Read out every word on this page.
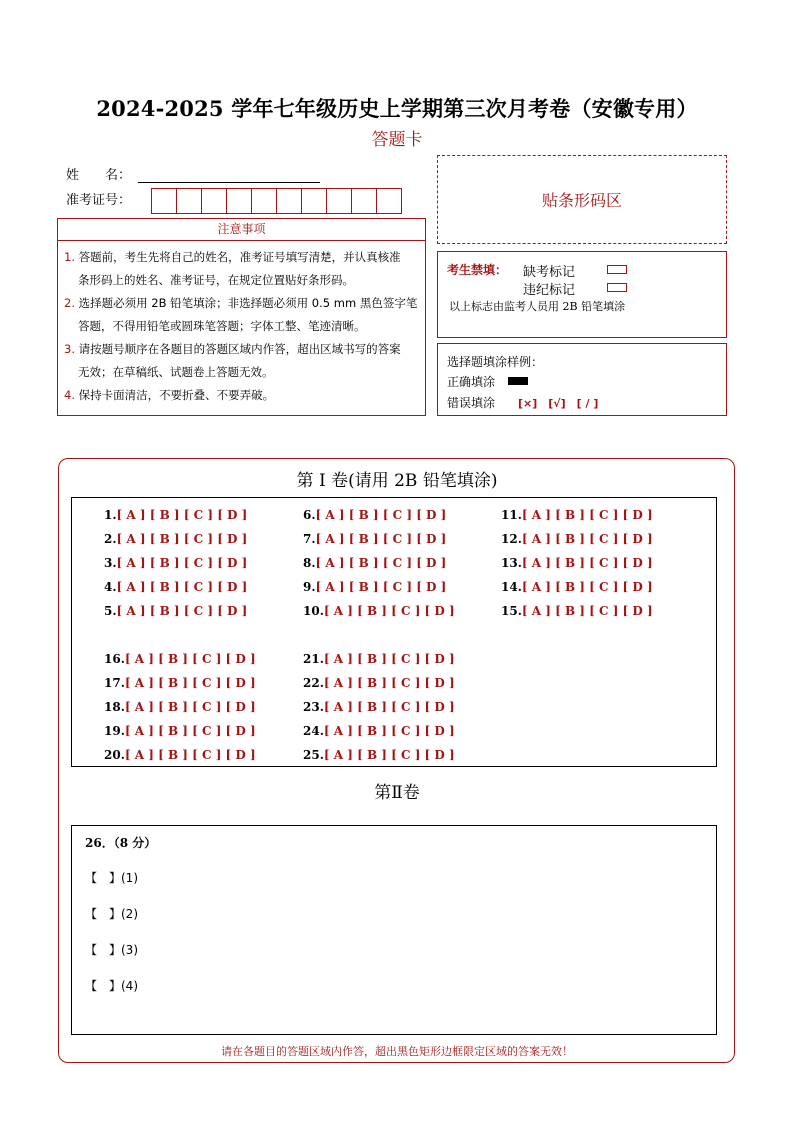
2024-2025 学年七年级历史上学期第三次月考卷（安徽专用）
答题卡
姓　　名：
准考证号：	贴条形码区
注意事项
1. 答题前，考生先将自己的姓名，准考证号填写清楚，并认真核准
条形码上的姓名、准考证号，在规定位置贴好条形码。
2. 选择题必须用 2B 铅笔填涂；非选择题必须用 0.5 mm 黑色签字笔
答题，不得用铅笔或圆珠笔答题；字体工整、笔迹清晰。
3. 请按题号顺序在各题目的答题区域内作答，超出区域书写的答案
无效；在草稿纸、试题卷上答题无效。
4. 保持卡面清洁，不要折叠、不要弄破。
考生禁填： 缺考标记
违纪标记
以上标志由监考人员用 2B 铅笔填涂
选择题填涂样例：
正确填涂
错误填涂 [×]　[√]　[ / ]
第 I 卷(请用 2B 铅笔填涂)
1.[ A ] [ B ] [ C ] [ D ]
2.[ A ] [ B ] [ C ] [ D ]
3.[ A ] [ B ] [ C ] [ D ]
4.[ A ] [ B ] [ C ] [ D ]
5.[ A ] [ B ] [ C ] [ D ]
6.[ A ] [ B ] [ C ] [ D ]
7.[ A ] [ B ] [ C ] [ D ]
8.[ A ] [ B ] [ C ] [ D ]
9.[ A ] [ B ] [ C ] [ D ]
10.[ A ] [ B ] [ C ] [ D ]
11.[ A ] [ B ] [ C ] [ D ]
12.[ A ] [ B ] [ C ] [ D ]
13.[ A ] [ B ] [ C ] [ D ]
14.[ A ] [ B ] [ C ] [ D ]
15.[ A ] [ B ] [ C ] [ D ]
16.[ A ] [ B ] [ C ] [ D ]
17.[ A ] [ B ] [ C ] [ D ]
18.[ A ] [ B ] [ C ] [ D ]
19.[ A ] [ B ] [ C ] [ D ]
20.[ A ] [ B ] [ C ] [ D ]
21.[ A ] [ B ] [ C ] [ D ]
22.[ A ] [ B ] [ C ] [ D ]
23.[ A ] [ B ] [ C ] [ D ]
24.[ A ] [ B ] [ C ] [ D ]
25.[ A ] [ B ] [ C ] [ D ]
第Ⅱ卷
26．（8 分）
【　】(1)
【　】(2)
【　】(3)
【　】(4)
请在各题目的答题区域内作答，超出黑色矩形边框限定区域的答案无效！
